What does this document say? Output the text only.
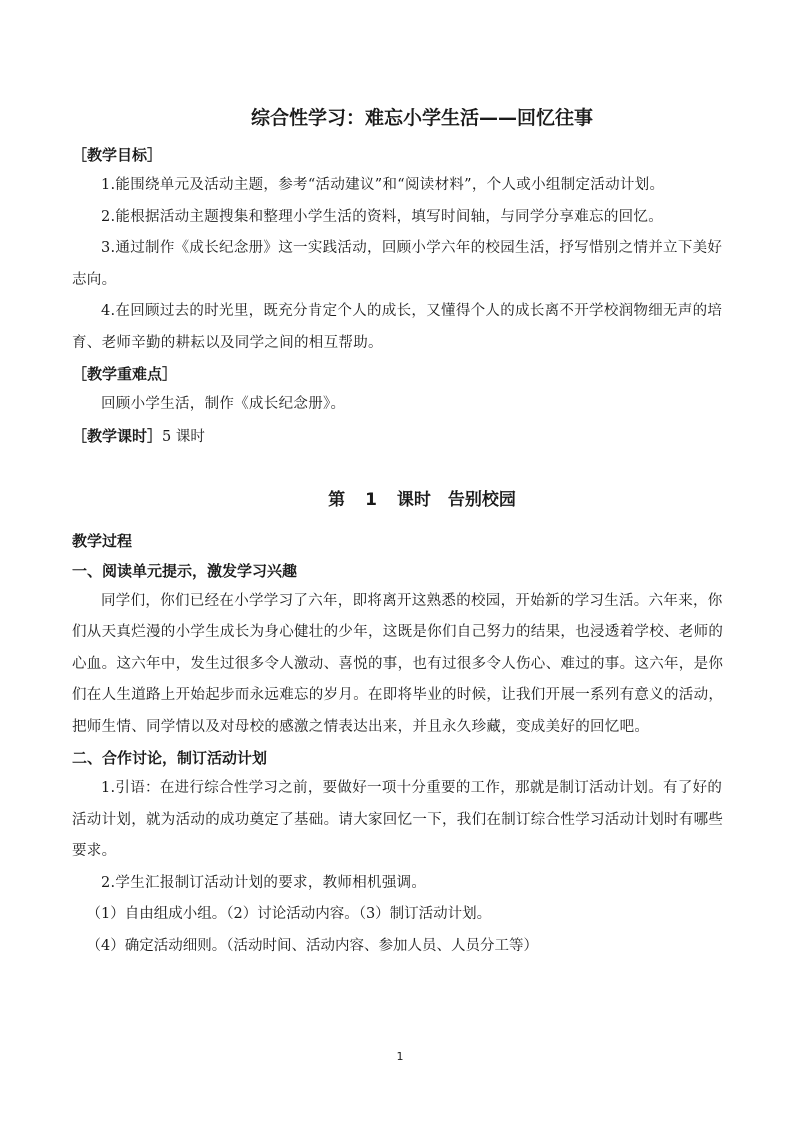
综合性学习：难忘小学生活——回忆往事

［教学目标］

1.能围绕单元及活动主题，参考“活动建议”和“阅读材料”，个人或小组制定活动计划。

2.能根据活动主题搜集和整理小学生活的资料，填写时间轴，与同学分享难忘的回忆。

3.通过制作《成长纪念册》这一实践活动，回顾小学六年的校园生活，抒写惜别之情并立下美好志向。

4.在回顾过去的时光里，既充分肯定个人的成长，又懂得个人的成长离不开学校润物细无声的培育、老师辛勤的耕耘以及同学之间的相互帮助。

［教学重难点］

回顾小学生活，制作《成长纪念册》。

［教学课时］5 课时

第 1 课时　告别校园

教学过程

一、阅读单元提示，激发学习兴趣

同学们，你们已经在小学学习了六年，即将离开这熟悉的校园，开始新的学习生活。六年来，你们从天真烂漫的小学生成长为身心健壮的少年，这既是你们自己努力的结果，也浸透着学校、老师的心血。这六年中，发生过很多令人激动、喜悦的事，也有过很多令人伤心、难过的事。这六年，是你们在人生道路上开始起步而永远难忘的岁月。在即将毕业的时候，让我们开展一系列有意义的活动，把师生情、同学情以及对母校的感激之情表达出来，并且永久珍藏，变成美好的回忆吧。

二、合作讨论，制订活动计划

1.引语：在进行综合性学习之前，要做好一项十分重要的工作，那就是制订活动计划。有了好的活动计划，就为活动的成功奠定了基础。请大家回忆一下，我们在制订综合性学习活动计划时有哪些要求。

2.学生汇报制订活动计划的要求，教师相机强调。

（1）自由组成小组。（2）讨论活动内容。（3）制订活动计划。

（4）确定活动细则。（活动时间、活动内容、参加人员、人员分工等）

1
